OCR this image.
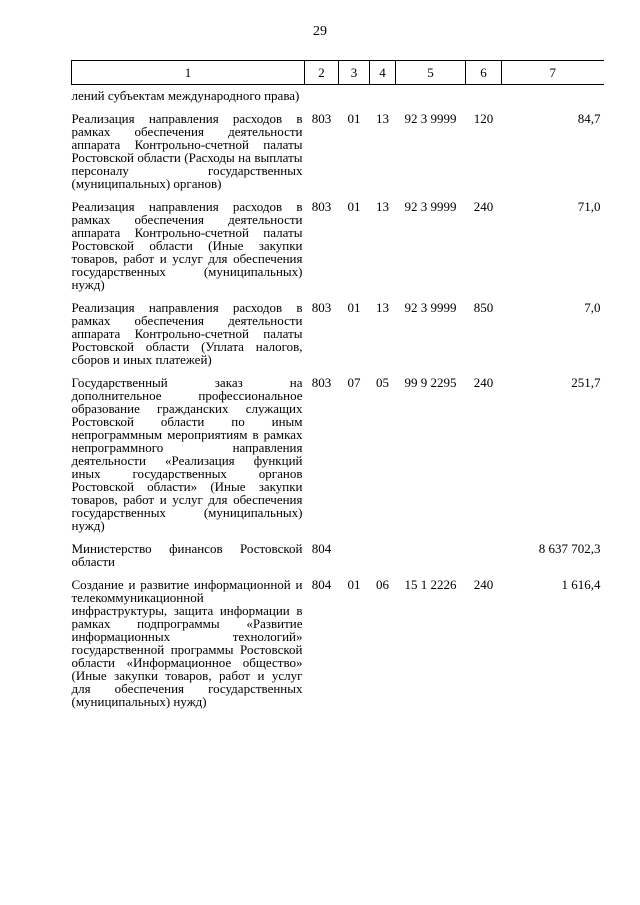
29
1	2	3	4	5	6	7
лений субъектам международного права)						
Реализация направления расходов в рамках обеспечения деятельности аппарата Контрольно-счетной палаты Ростовской области (Расходы на выплаты персоналу государственных (муниципальных) органов)	803	01	13	92 3 9999	120	84,7
Реализация направления расходов в рамках обеспечения деятельности аппарата Контрольно-счетной палаты Ростовской области (Иные закупки товаров, работ и услуг для обеспечения государственных (муниципальных) нужд)	803	01	13	92 3 9999	240	71,0
Реализация направления расходов в рамках обеспечения деятельности аппарата Контрольно-счетной палаты Ростовской области (Уплата налогов, сборов и иных платежей)	803	01	13	92 3 9999	850	7,0
Государственный заказ на дополнительное профессиональное образование гражданских служащих Ростовской области по иным непрограммным мероприятиям в рамках непрограммного направления деятельности «Реализация функций иных государственных органов Ростовской области» (Иные закупки товаров, работ и услуг для обеспечения государственных (муниципальных) нужд)	803	07	05	99 9 2295	240	251,7
Министерство финансов Ростовской области	804					8 637 702,3
Создание и развитие информационной и телекоммуникационной инфраструктуры, защита информации в рамках подпрограммы «Развитие информационных технологий» государственной программы Ростовской области «Информационное общество» (Иные закупки товаров, работ и услуг для обеспечения государственных (муниципальных) нужд)	804	01	06	15 1 2226	240	1 616,4
